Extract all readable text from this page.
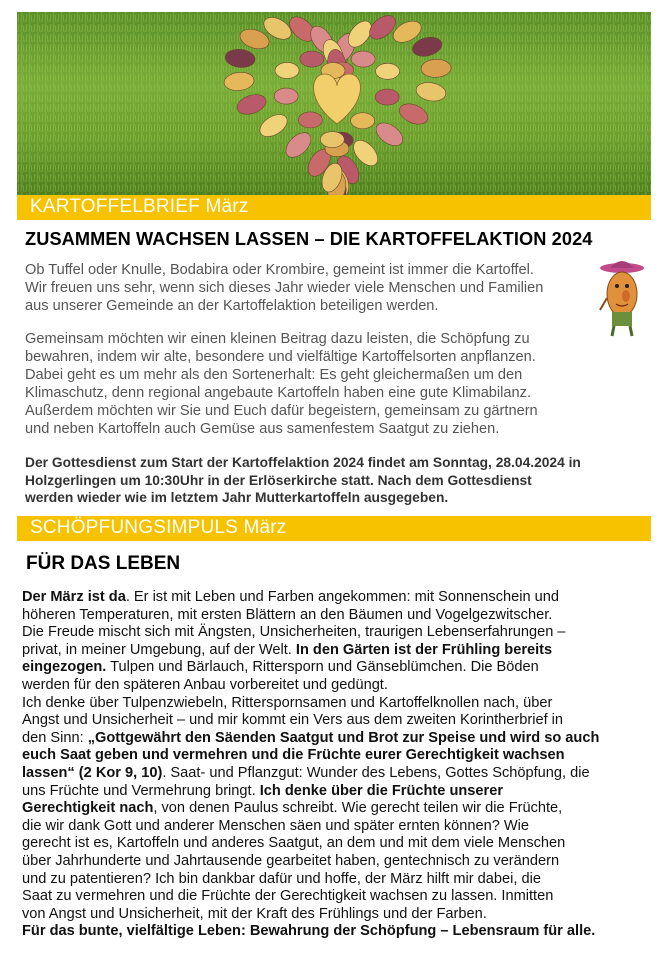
KARTOFFELBRIEF März
ZUSAMMEN WACHSEN LASSEN – DIE KARTOFFELAKTION 2024
Ob Tuffel oder Knulle, Bodabira oder Krombire, gemeint ist immer die Kartoffel.
Wir freuen uns sehr, wenn sich dieses Jahr wieder viele Menschen und Familien
aus unserer Gemeinde an der Kartoffelaktion beteiligen werden.
Gemeinsam möchten wir einen kleinen Beitrag dazu leisten, die Schöpfung zu
bewahren, indem wir alte, besondere und vielfältige Kartoffelsorten anpflanzen.
Dabei geht es um mehr als den Sortenerhalt: Es geht gleichermaßen um den
Klimaschutz, denn regional angebaute Kartoffeln haben eine gute Klimabilanz.
Außerdem möchten wir Sie und Euch dafür begeistern, gemeinsam zu gärtnern
und neben Kartoffeln auch Gemüse aus samenfestem Saatgut zu ziehen.
Der Gottesdienst zum Start der Kartoffelaktion 2024 findet am Sonntag, 28.04.2024 in
Holzgerlingen um 10:30Uhr in der Erlöserkirche statt. Nach dem Gottesdienst
werden wieder wie im letztem Jahr Mutterkartoffeln ausgegeben.
SCHÖPFUNGSIMPULS März
FÜR DAS LEBEN
Der März ist da. Er ist mit Leben und Farben angekommen: mit Sonnenschein und
höheren Temperaturen, mit ersten Blättern an den Bäumen und Vogelgezwitscher.
Die Freude mischt sich mit Ängsten, Unsicherheiten, traurigen Lebenserfahrungen –
privat, in meiner Umgebung, auf der Welt. In den Gärten ist der Frühling bereits
eingezogen. Tulpen und Bärlauch, Rittersporn und Gänseblümchen. Die Böden
werden für den späteren Anbau vorbereitet und gedüngt.
Ich denke über Tulpenzwiebeln, Ritterspornsamen und Kartoffelknollen nach, über
Angst und Unsicherheit – und mir kommt ein Vers aus dem zweiten Korintherbrief in
den Sinn: „Gottgewährt den Säenden Saatgut und Brot zur Speise und wird so auch
euch Saat geben und vermehren und die Früchte eurer Gerechtigkeit wachsen
lassen“ (2 Kor 9, 10). Saat- und Pflanzgut: Wunder des Lebens, Gottes Schöpfung, die
uns Früchte und Vermehrung bringt. Ich denke über die Früchte unserer
Gerechtigkeit nach, von denen Paulus schreibt. Wie gerecht teilen wir die Früchte,
die wir dank Gott und anderer Menschen säen und später ernten können? Wie
gerecht ist es, Kartoffeln und anderes Saatgut, an dem und mit dem viele Menschen
über Jahrhunderte und Jahrtausende gearbeitet haben, gentechnisch zu verändern
und zu patentieren? Ich bin dankbar dafür und hoffe, der März hilft mir dabei, die
Saat zu vermehren und die Früchte der Gerechtigkeit wachsen zu lassen. Inmitten
von Angst und Unsicherheit, mit der Kraft des Frühlings und der Farben.
Für das bunte, vielfältige Leben: Bewahrung der Schöpfung – Lebensraum für alle.
